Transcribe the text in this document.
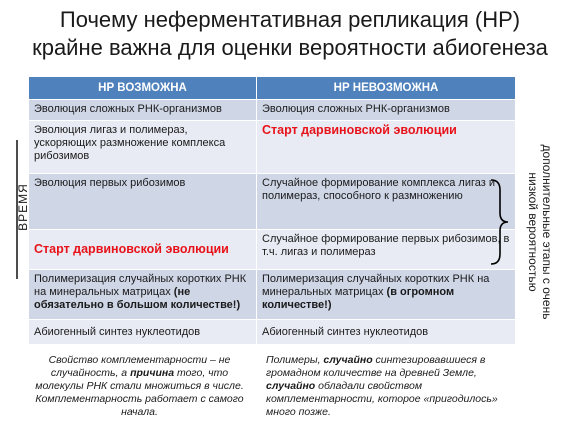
Почему неферментативная репликация (НР)
крайне важна для оценки вероятности абиогенеза
НР ВОЗМОЖНА	НР НЕВОЗМОЖНА
Эволюция сложных РНК-организмов	Эволюция сложных РНК-организмов
Эволюция лигаз и полимераз, ускоряющих размножение комплекса рибозимов	Старт дарвиновской эволюции
Эволюция первых рибозимов	Случайное формирование комплекса лигаз и полимераз, способного к размножению
Старт дарвиновской эволюции	Случайное формирование первых рибозимов, в т.ч. лигаз и полимераз
Полимеризация случайных коротких РНК на минеральных матрицах (не обязательно в большом количестве!)	Полимеризация случайных коротких РНК на минеральных матрицах (в огромном количестве!)
Абиогенный синтез нуклеотидов	Абиогенный синтез нуклеотидов
ВРЕМЯ	дополнительные этапы с очень
низкой вероятностью
Свойство комплементарности – не случайность, а причина того, что молекулы РНК стали множиться в числе. Комплементарность работает с самого начала.
Полимеры, случайно синтезировавшиеся в громадном количестве на древней Земле, случайно обладали свойством комплементарности, которое «пригодилось» много позже.
